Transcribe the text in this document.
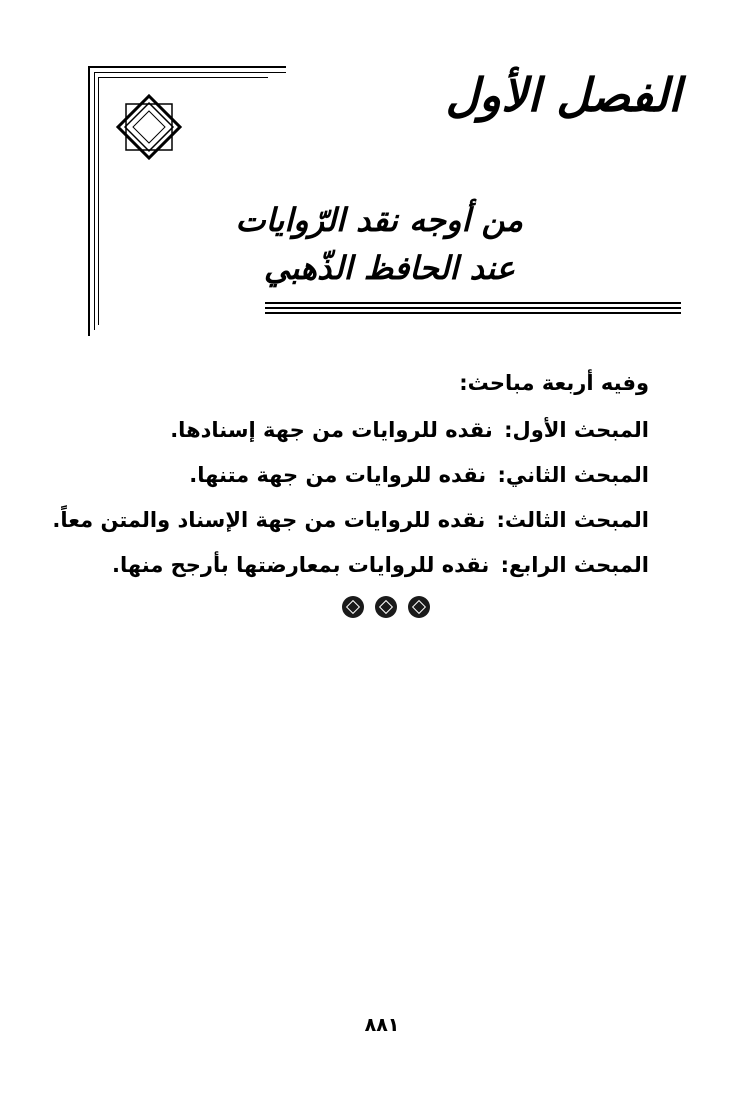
الفصل الأول
من أوجه نقد الرّوايات
عند الحافظ الذّهبي
وفيه أربعة مباحث:
المبحث الأول: نقده للروايات من جهة إسنادها.
المبحث الثاني: نقده للروايات من جهة متنها.
المبحث الثالث: نقده للروايات من جهة الإسناد والمتن معاً.
المبحث الرابع: نقده للروايات بمعارضتها بأرجح منها.
٨٨١
